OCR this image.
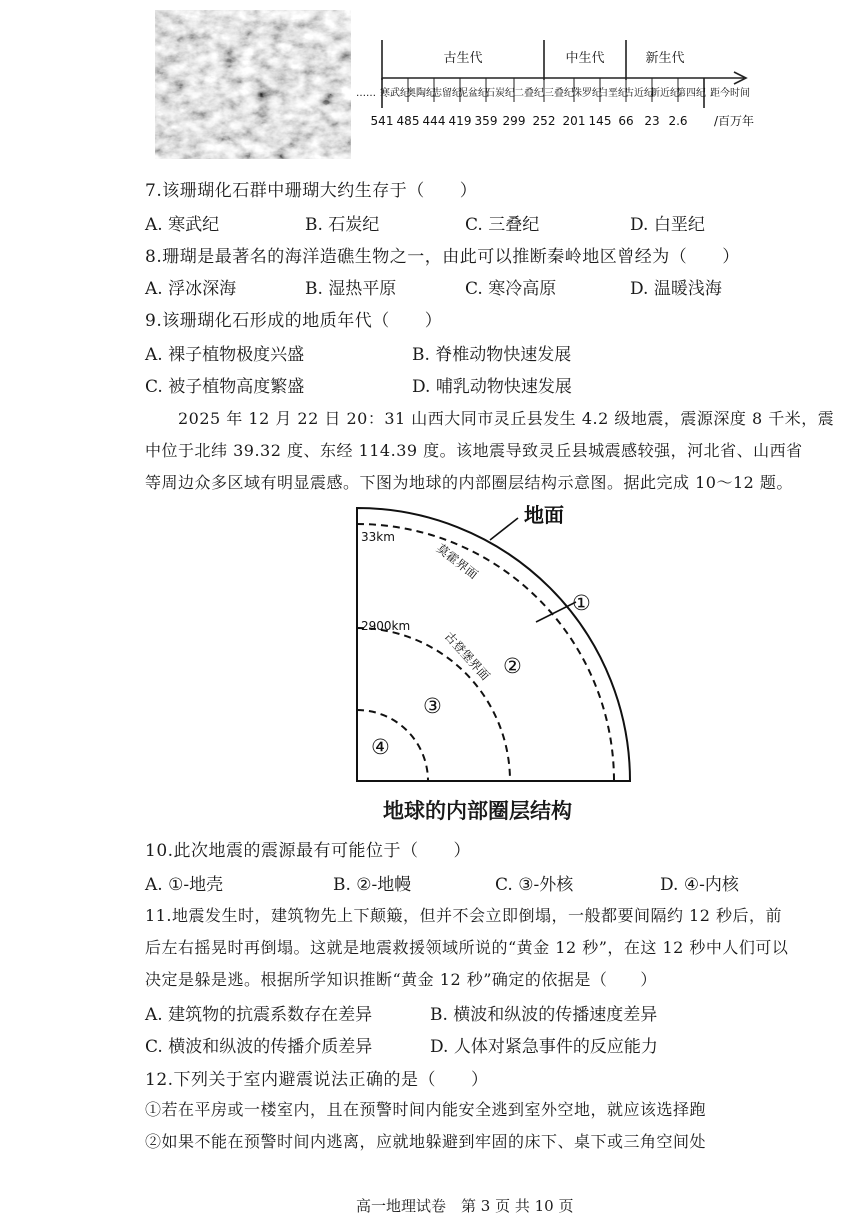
古生代	中生代	新生代
…… 寒武纪
奥陶纪
志留纪
泥盆纪
石炭纪 二叠纪 三叠纪
侏罗纪
白垩纪
古近纪
新近纪
第四纪 距今时间
541 485 444 419 359 299 252 201 145 66 23 2.6 /百万年
7.该珊瑚化石群中珊瑚大约生存于（　　）
A. 寒武纪	B. 石炭纪	C. 三叠纪	D. 白垩纪
8.珊瑚是最著名的海洋造礁生物之一，由此可以推断秦岭地区曾经为（　　）
A. 浮冰深海	B. 湿热平原	C. 寒冷高原	D. 温暖浅海
9.该珊瑚化石形成的地质年代（　　）
A. 裸子植物极度兴盛	B. 脊椎动物快速发展
C. 被子植物高度繁盛	D. 哺乳动物快速发展
2025 年 12 月 22 日 20：31 山西大同市灵丘县发生 4.2 级地震，震源深度 8 千米，震
中位于北纬 39.32 度、东经 114.39 度。该地震导致灵丘县城震感较强，河北省、山西省
等周边众多区域有明显震感。下图为地球的内部圈层结构示意图。据此完成 10～12 题。
地面
33km
2900km
莫霍界面
古登堡界面
①
②
③
④
地球的内部圈层结构
10.此次地震的震源最有可能位于（　　）
A. ①-地壳	B. ②-地幔	C. ③-外核	D. ④-内核
11.地震发生时，建筑物先上下颠簸，但并不会立即倒塌，一般都要间隔约 12 秒后，前
后左右摇晃时再倒塌。这就是地震救援领域所说的“黄金 12 秒”，在这 12 秒中人们可以
决定是躲是逃。根据所学知识推断“黄金 12 秒”确定的依据是（　　）
A. 建筑物的抗震系数存在差异	B. 横波和纵波的传播速度差异
C. 横波和纵波的传播介质差异	D. 人体对紧急事件的反应能力
12.下列关于室内避震说法正确的是（　　）
①若在平房或一楼室内，且在预警时间内能安全逃到室外空地，就应该选择跑
②如果不能在预警时间内逃离，应就地躲避到牢固的床下、桌下或三角空间处
高一地理试卷　第 3 页 共 10 页
